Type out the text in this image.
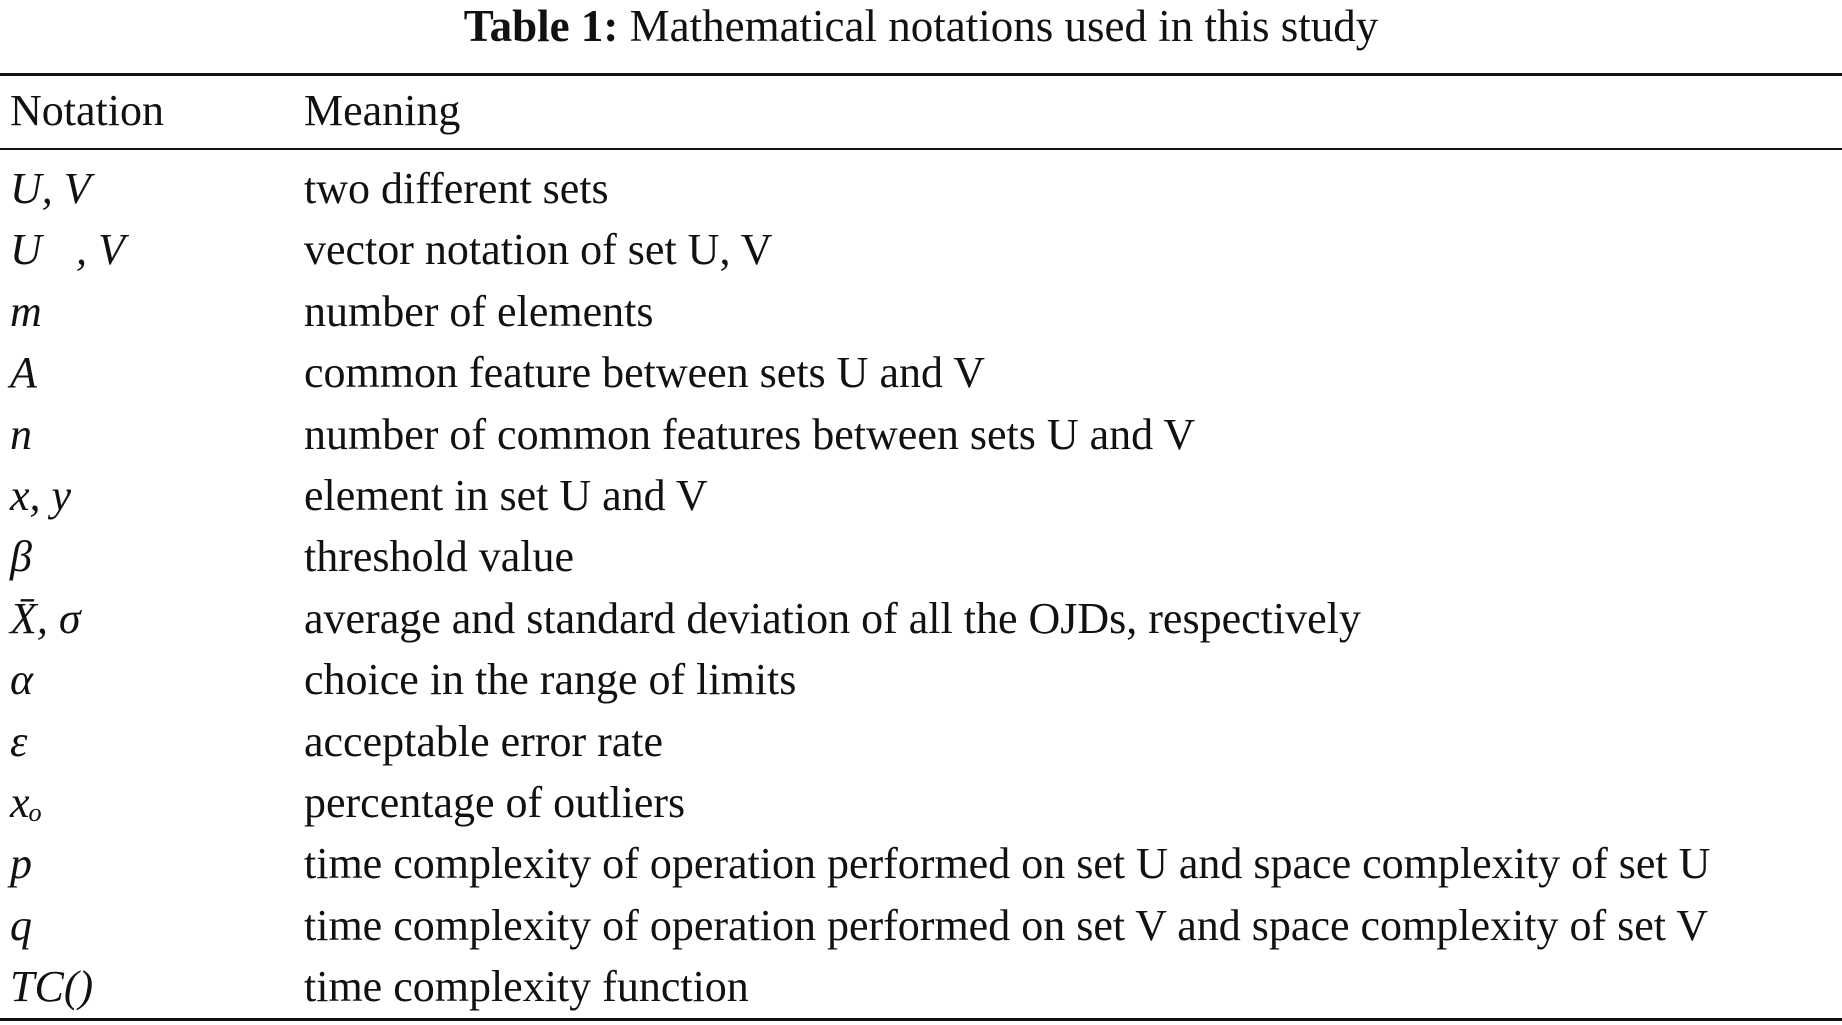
Table 1: Mathematical notations used in this study
Notation	Meaning
U, V	two different sets
U⃗, V⃗	vector notation of set U, V
m	number of elements
A	common feature between sets U and V
n	number of common features between sets U and V
x, y	element in set U and V
β	threshold value
X̄, σ	average and standard deviation of all the OJDs, respectively
α	choice in the range of limits
ε	acceptable error rate
xₒ	percentage of outliers
p	time complexity of operation performed on set U and space complexity of set U
q	time complexity of operation performed on set V and space complexity of set V
TC()	time complexity function
